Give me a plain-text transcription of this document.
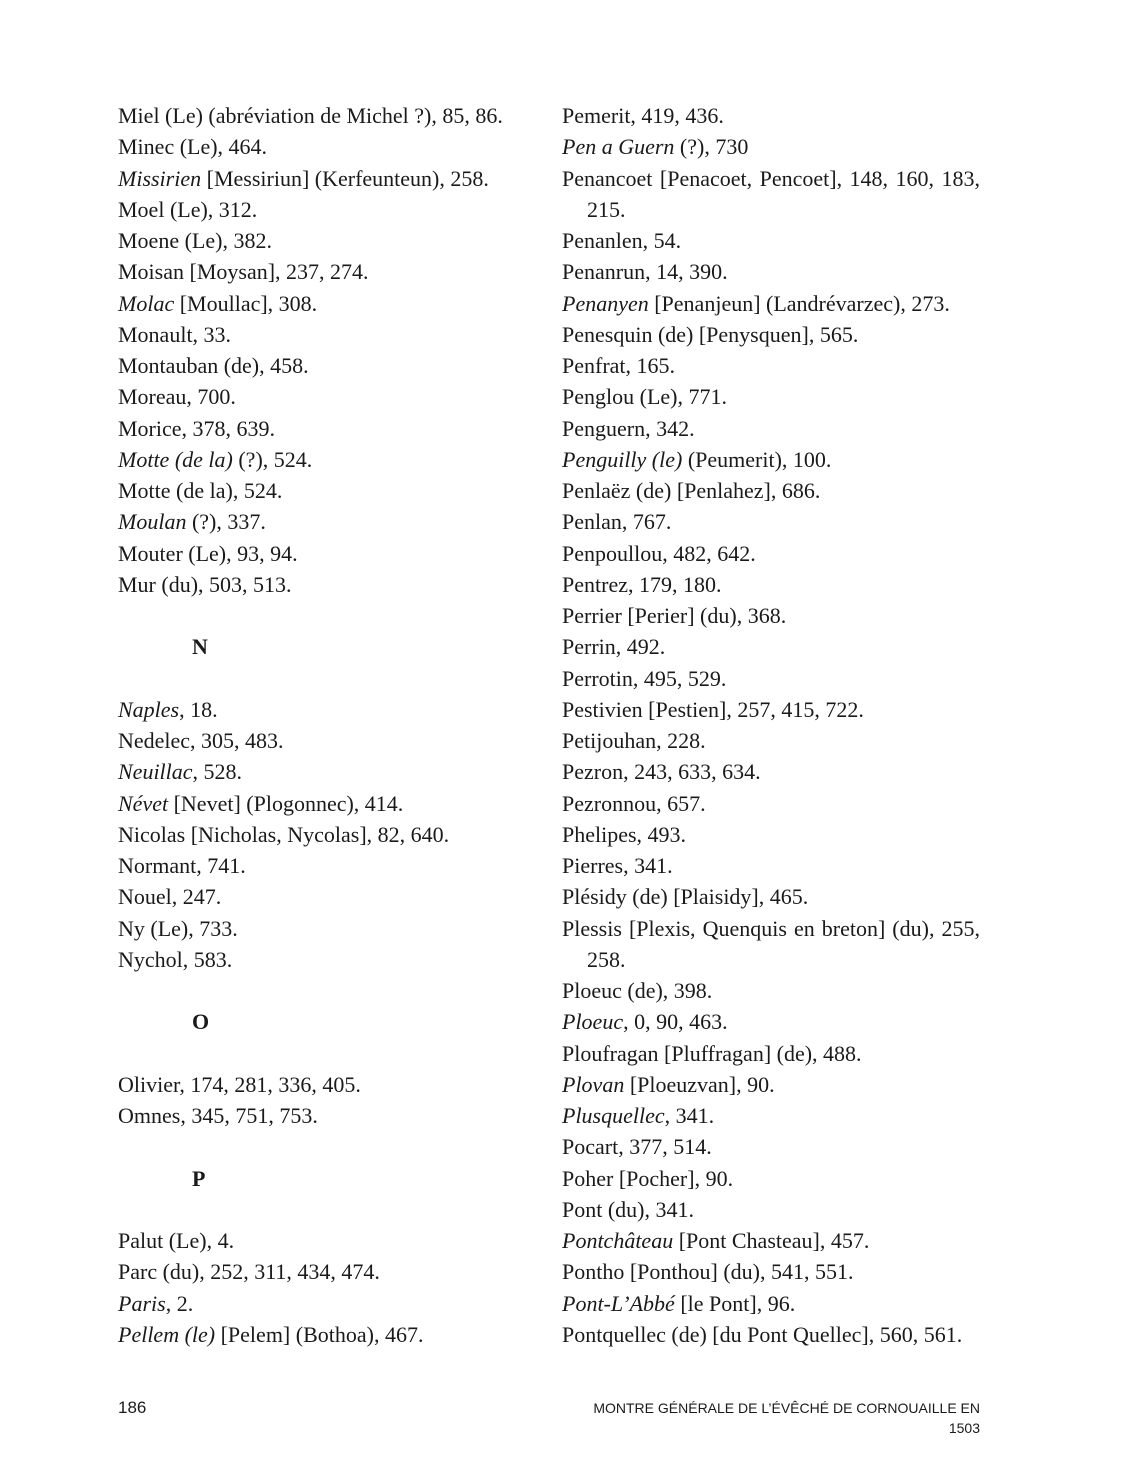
Miel (Le) (abréviation de Michel ?), 85, 86.
Minec (Le), 464.
Missirien [Messiriun] (Kerfeunteun), 258.
Moel (Le), 312.
Moene (Le), 382.
Moisan [Moysan], 237, 274.
Molac [Moullac], 308.
Monault, 33.
Montauban (de), 458.
Moreau, 700.
Morice, 378, 639.
Motte (de la) (?), 524.
Motte (de la), 524.
Moulan (?), 337.
Mouter (Le), 93, 94.
Mur (du), 503, 513.
N
Naples, 18.
Nedelec, 305, 483.
Neuillac, 528.
Névet [Nevet] (Plogonnec), 414.
Nicolas [Nicholas, Nycolas], 82, 640.
Normant, 741.
Nouel, 247.
Ny (Le), 733.
Nychol, 583.
O
Olivier, 174, 281, 336, 405.
Omnes, 345, 751, 753.
P
Palut (Le), 4.
Parc (du), 252, 311, 434, 474.
Paris, 2.
Pellem (le) [Pelem] (Bothoa), 467.
Pemerit, 419, 436.
Pen a Guern (?), 730
Penancoet [Penacoet, Pencoet], 148, 160, 183, 215.
Penanlen, 54.
Penanrun, 14, 390.
Penanyen [Penanjeun] (Landrévarzec), 273.
Penesquin (de) [Penysquen], 565.
Penfrat, 165.
Penglou (Le), 771.
Penguern, 342.
Penguilly (le) (Peumerit), 100.
Penlaëz (de) [Penlahez], 686.
Penlan, 767.
Penpoullou, 482, 642.
Pentrez, 179, 180.
Perrier [Perier] (du), 368.
Perrin, 492.
Perrotin, 495, 529.
Pestivien [Pestien], 257, 415, 722.
Petijouhan, 228.
Pezron, 243, 633, 634.
Pezronnou, 657.
Phelipes, 493.
Pierres, 341.
Plésidy (de) [Plaisidy], 465.
Plessis [Plexis, Quenquis en breton] (du), 255, 258.
Ploeuc (de), 398.
Ploeuc, 0, 90, 463.
Ploufragan [Pluffragan] (de), 488.
Plovan [Ploeuzvan], 90.
Plusquellec, 341.
Pocart, 377, 514.
Poher [Pocher], 90.
Pont (du), 341.
Pontchâteau [Pont Chasteau], 457.
Pontho [Ponthou] (du), 541, 551.
Pont-L’Abbé [le Pont], 96.
Pontquellec (de) [du Pont Quellec], 560, 561.
186	MONTRE GÉNÉRALE DE L’ÉVÊCHÉ DE CORNOUAILLE EN 1503
